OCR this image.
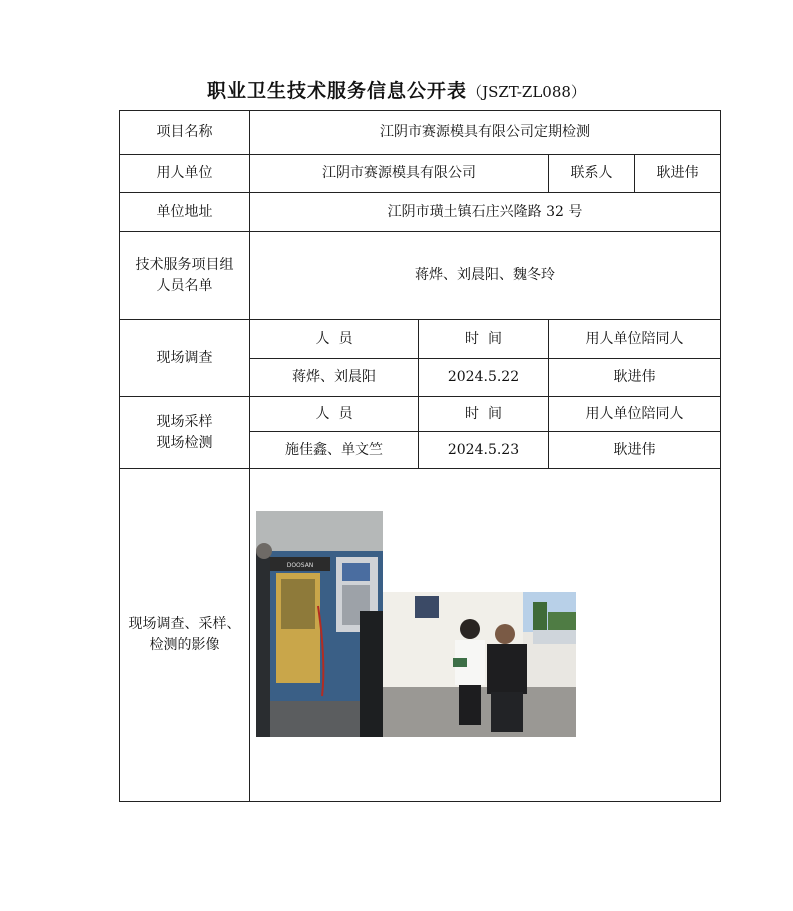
职业卫生技术服务信息公开表（JSZT-ZL088）
项目名称	江阴市赛源模具有限公司定期检测			
用人单位	江阴市赛源模具有限公司		联系人	耿进伟
单位地址	江阴市璜土镇石庄兴隆路 32 号			

技术服务项目组
人员名单	蒋烨、刘晨阳、魏冬玲			
现场调查	人  员	时  间	用人单位陪同人	
	蒋烨、刘晨阳	2024.5.22	耿进伟	

现场采样
现场检测	人  员	时  间	用人单位陪同人	
	施佳鑫、单文竺	2024.5.23	耿进伟	

现场调查、采样、
检测的影像	DOOSAN			
